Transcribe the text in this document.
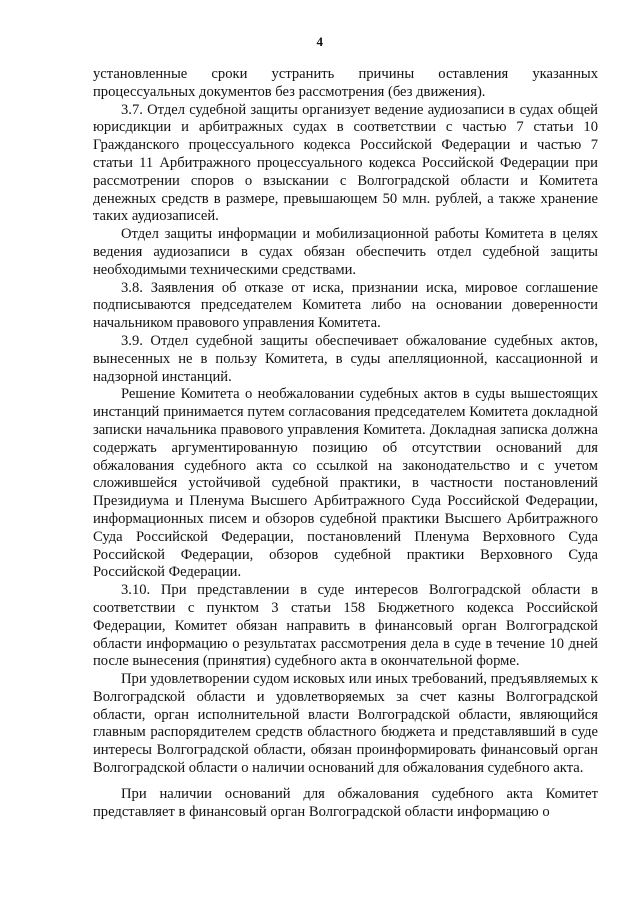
4

установленные сроки устранить причины оставления указанных процессуальных документов без рассмотрения (без движения).

3.7. Отдел судебной защиты организует ведение аудиозаписи в судах общей юрисдикции и арбитражных судах в соответствии с частью 7 статьи 10 Гражданского процессуального кодекса Российской Федерации и частью 7 статьи 11 Арбитражного процессуального кодекса Российской Федерации при рассмотрении споров о взыскании с Волгоградской области и Комитета денежных средств в размере, превышающем 50 млн. рублей, а также хранение таких аудиозаписей.

Отдел защиты информации и мобилизационной работы Комитета в целях ведения аудиозаписи в судах обязан обеспечить отдел судебной защиты необходимыми техническими средствами.

3.8. Заявления об отказе от иска, признании иска, мировое соглашение подписываются председателем Комитета либо на основании доверенности начальником правового управления Комитета.

3.9. Отдел судебной защиты обеспечивает обжалование судебных актов, вынесенных не в пользу Комитета, в суды апелляционной, кассационной и надзорной инстанций.

Решение Комитета о необжаловании судебных актов в суды вышестоящих инстанций принимается путем согласования председателем Комитета докладной записки начальника правового управления Комитета. Докладная записка должна содержать аргументированную позицию об отсутствии оснований для обжалования судебного акта со ссылкой на законодательство и с учетом сложившейся устойчивой судебной практики, в частности постановлений Президиума и Пленума Высшего Арбитражного Суда Российской Федерации, информационных писем и обзоров судебной практики Высшего Арбитражного Суда Российской Федерации, постановлений Пленума Верховного Суда Российской Федерации, обзоров судебной практики Верховного Суда Российской Федерации.

3.10. При представлении в суде интересов Волгоградской области в соответствии с пунктом 3 статьи 158 Бюджетного кодекса Российской Федерации, Комитет обязан направить в финансовый орган Волгоградской области информацию о результатах рассмотрения дела в суде в течение 10 дней после вынесения (принятия) судебного акта в окончательной форме.

При удовлетворении судом исковых или иных требований, предъявляемых к Волгоградской области и удовлетворяемых за счет казны Волгоградской области, орган исполнительной власти Волгоградской области, являющийся главным распорядителем средств областного бюджета и представлявший в суде интересы Волгоградской области, обязан проинформировать финансовый орган Волгоградской области о наличии оснований для обжалования судебного акта.

При наличии оснований для обжалования судебного акта Комитет представляет в финансовый орган Волгоградской области информацию о
